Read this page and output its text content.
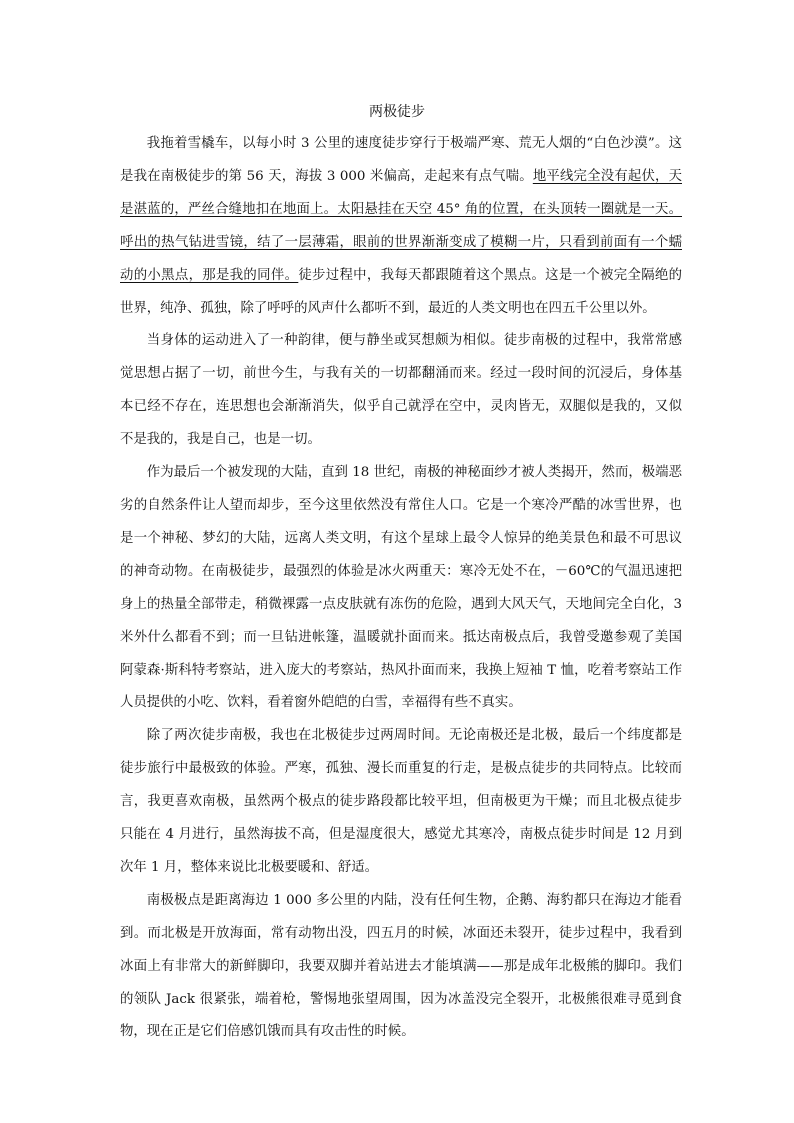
两极徒步

我拖着雪橇车，以每小时 3 公里的速度徒步穿行于极端严寒、荒无人烟的“白色沙漠”。这是我在南极徒步的第 56 天，海拔 3 000 米偏高，走起来有点气喘。地平线完全没有起伏，天是湛蓝的，严丝合缝地扣在地面上。太阳悬挂在天空 45° 角的位置，在头顶转一圈就是一天。呼出的热气钻进雪镜，结了一层薄霜，眼前的世界渐渐变成了模糊一片，只看到前面有一个蠕动的小黑点，那是我的同伴。徒步过程中，我每天都跟随着这个黑点。这是一个被完全隔绝的世界，纯净、孤独，除了呼呼的风声什么都听不到，最近的人类文明也在四五千公里以外。

当身体的运动进入了一种韵律，便与静坐或冥想颇为相似。徒步南极的过程中，我常常感觉思想占据了一切，前世今生，与我有关的一切都翻涌而来。经过一段时间的沉浸后，身体基本已经不存在，连思想也会渐渐消失，似乎自己就浮在空中，灵肉皆无，双腿似是我的，又似不是我的，我是自己，也是一切。

作为最后一个被发现的大陆，直到 18 世纪，南极的神秘面纱才被人类揭开，然而，极端恶劣的自然条件让人望而却步，至今这里依然没有常住人口。它是一个寒冷严酷的冰雪世界，也是一个神秘、梦幻的大陆，远离人类文明，有这个星球上最令人惊异的绝美景色和最不可思议的神奇动物。在南极徒步，最强烈的体验是冰火两重天：寒冷无处不在，－60℃的气温迅速把身上的热量全部带走，稍微裸露一点皮肤就有冻伤的危险，遇到大风天气，天地间完全白化，3 米外什么都看不到；而一旦钻进帐篷，温暖就扑面而来。抵达南极点后，我曾受邀参观了美国阿蒙森·斯科特考察站，进入庞大的考察站，热风扑面而来，我换上短袖 T 恤，吃着考察站工作人员提供的小吃、饮料，看着窗外皑皑的白雪，幸福得有些不真实。

除了两次徒步南极，我也在北极徒步过两周时间。无论南极还是北极，最后一个纬度都是徒步旅行中最极致的体验。严寒，孤独、漫长而重复的行走，是极点徒步的共同特点。比较而言，我更喜欢南极，虽然两个极点的徒步路段都比较平坦，但南极更为干燥；而且北极点徒步只能在 4 月进行，虽然海拔不高，但是湿度很大，感觉尤其寒冷，南极点徒步时间是 12 月到次年 1 月，整体来说比北极要暖和、舒适。

南极极点是距离海边 1 000 多公里的内陆，没有任何生物，企鹅、海豹都只在海边才能看到。而北极是开放海面，常有动物出没，四五月的时候，冰面还未裂开，徒步过程中，我看到冰面上有非常大的新鲜脚印，我要双脚并着站进去才能填满——那是成年北极熊的脚印。我们的领队 Jack 很紧张，端着枪，警惕地张望周围，因为冰盖没完全裂开，北极熊很难寻觅到食物，现在正是它们倍感饥饿而具有攻击性的时候。
